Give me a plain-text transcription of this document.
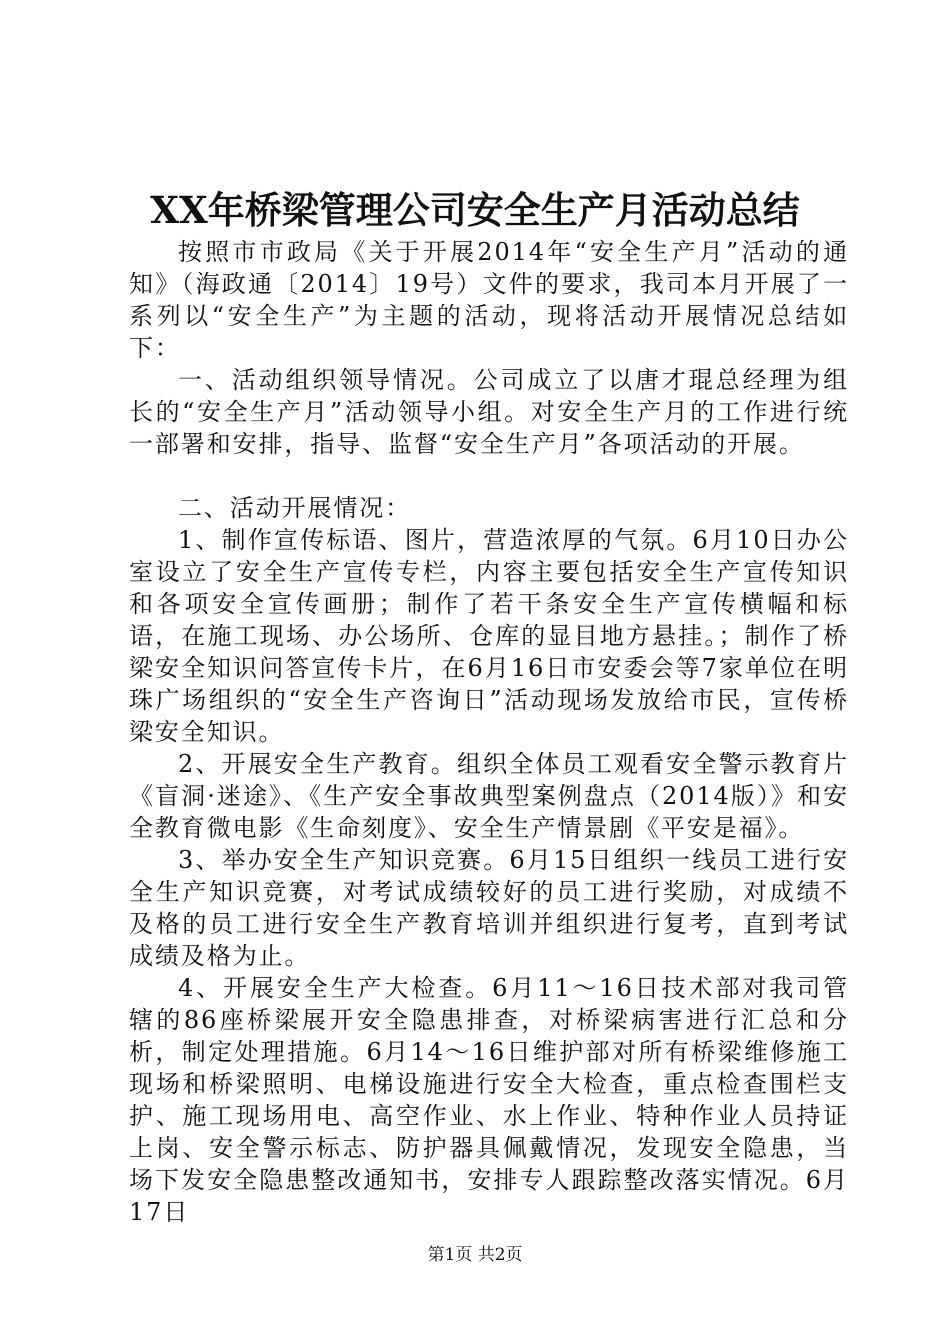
XX年桥梁管理公司安全生产月活动总结

按照市市政局《关于开展2014年“安全生产月”活动的通知》（海政通〔2014〕19号）文件的要求，我司本月开展了一系列以“安全生产”为主题的活动，现将活动开展情况总结如下：

一、活动组织领导情况。公司成立了以唐才琨总经理为组长的“安全生产月”活动领导小组。对安全生产月的工作进行统一部署和安排，指导、监督“安全生产月”各项活动的开展。

二、活动开展情况：

1、制作宣传标语、图片，营造浓厚的气氛。6月10日办公室设立了安全生产宣传专栏，内容主要包括安全生产宣传知识和各项安全宣传画册；制作了若干条安全生产宣传横幅和标语，在施工现场、办公场所、仓库的显目地方悬挂。；制作了桥梁安全知识问答宣传卡片，在6月16日市安委会等7家单位在明珠广场组织的“安全生产咨询日”活动现场发放给市民，宣传桥梁安全知识。

2、开展安全生产教育。组织全体员工观看安全警示教育片《盲洞·迷途》、《生产安全事故典型案例盘点（2014版）》和安全教育微电影《生命刻度》、安全生产情景剧《平安是福》。

3、举办安全生产知识竞赛。6月15日组织一线员工进行安全生产知识竞赛，对考试成绩较好的员工进行奖励，对成绩不及格的员工进行安全生产教育培训并组织进行复考，直到考试成绩及格为止。

4、开展安全生产大检查。6月11～16日技术部对我司管辖的86座桥梁展开安全隐患排查，对桥梁病害进行汇总和分析，制定处理措施。6月14～16日维护部对所有桥梁维修施工现场和桥梁照明、电梯设施进行安全大检查，重点检查围栏支护、施工现场用电、高空作业、水上作业、特种作业人员持证上岗、安全警示标志、防护器具佩戴情况，发现安全隐患，当场下发安全隐患整改通知书，安排专人跟踪整改落实情况。6月17日

第1页 共2页
